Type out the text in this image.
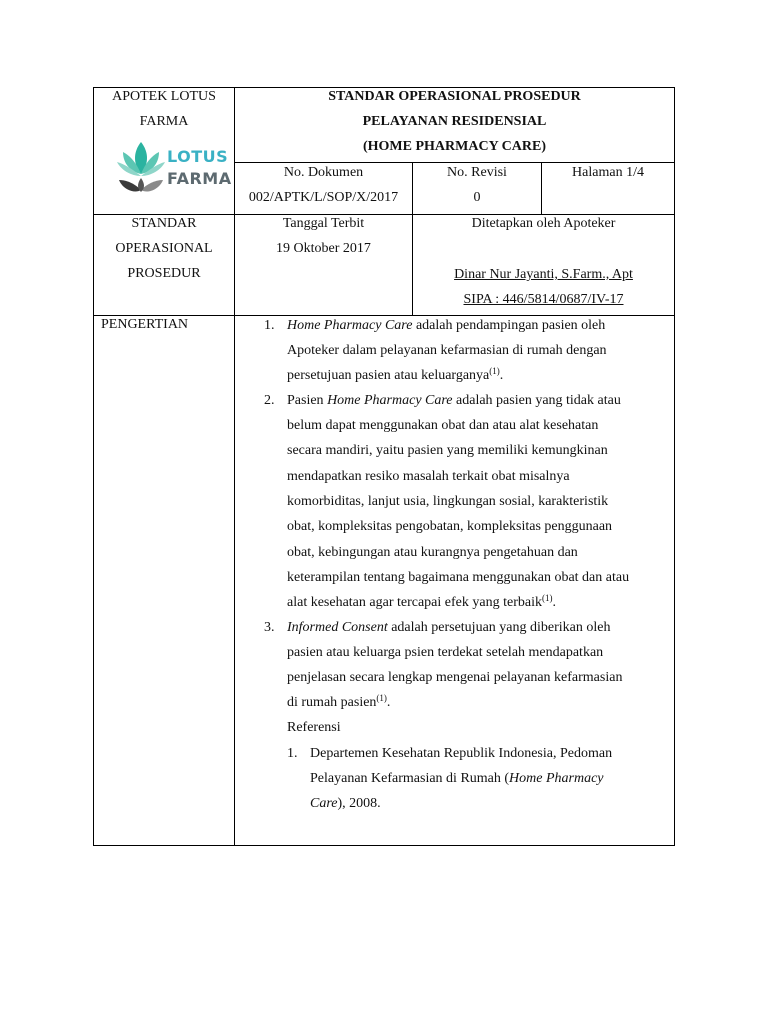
APOTEK LOTUS
FARMA
LOTUS
FARMA
STANDAR OPERASIONAL PROSEDUR
PELAYANAN RESIDENSIAL
(HOME PHARMACY CARE)
No. Dokumen
002/APTK/L/SOP/X/2017
No. Revisi
0
Halaman 1/4
STANDAR
OPERASIONAL
PROSEDUR
Tanggal Terbit
19 Oktober 2017
Ditetapkan oleh Apoteker
Dinar Nur Jayanti, S.Farm., Apt
SIPA : 446/5814/0687/IV-17
PENGERTIAN	1. Home Pharmacy Care adalah pendampingan pasien oleh
Apoteker dalam pelayanan kefarmasian di rumah dengan
persetujuan pasien atau keluarganya$^{(1)}$.
2. Pasien Home Pharmacy Care adalah pasien yang tidak atau
belum dapat menggunakan obat dan atau alat kesehatan
secara mandiri, yaitu pasien yang memiliki kemungkinan
mendapatkan resiko masalah terkait obat misalnya
komorbiditas, lanjut usia, lingkungan sosial, karakteristik
obat, kompleksitas pengobatan, kompleksitas penggunaan
obat, kebingungan atau kurangnya pengetahuan dan
keterampilan tentang bagaimana menggunakan obat dan atau
alat kesehatan agar tercapai efek yang terbaik$^{(1)}$.
3. Informed Consent adalah persetujuan yang diberikan oleh
pasien atau keluarga psien terdekat setelah mendapatkan
penjelasan secara lengkap mengenai pelayanan kefarmasian
di rumah pasien$^{(1)}$.
Referensi
1. Departemen Kesehatan Republik Indonesia, Pedoman
Pelayanan Kefarmasian di Rumah (Home Pharmacy
Care), 2008.
